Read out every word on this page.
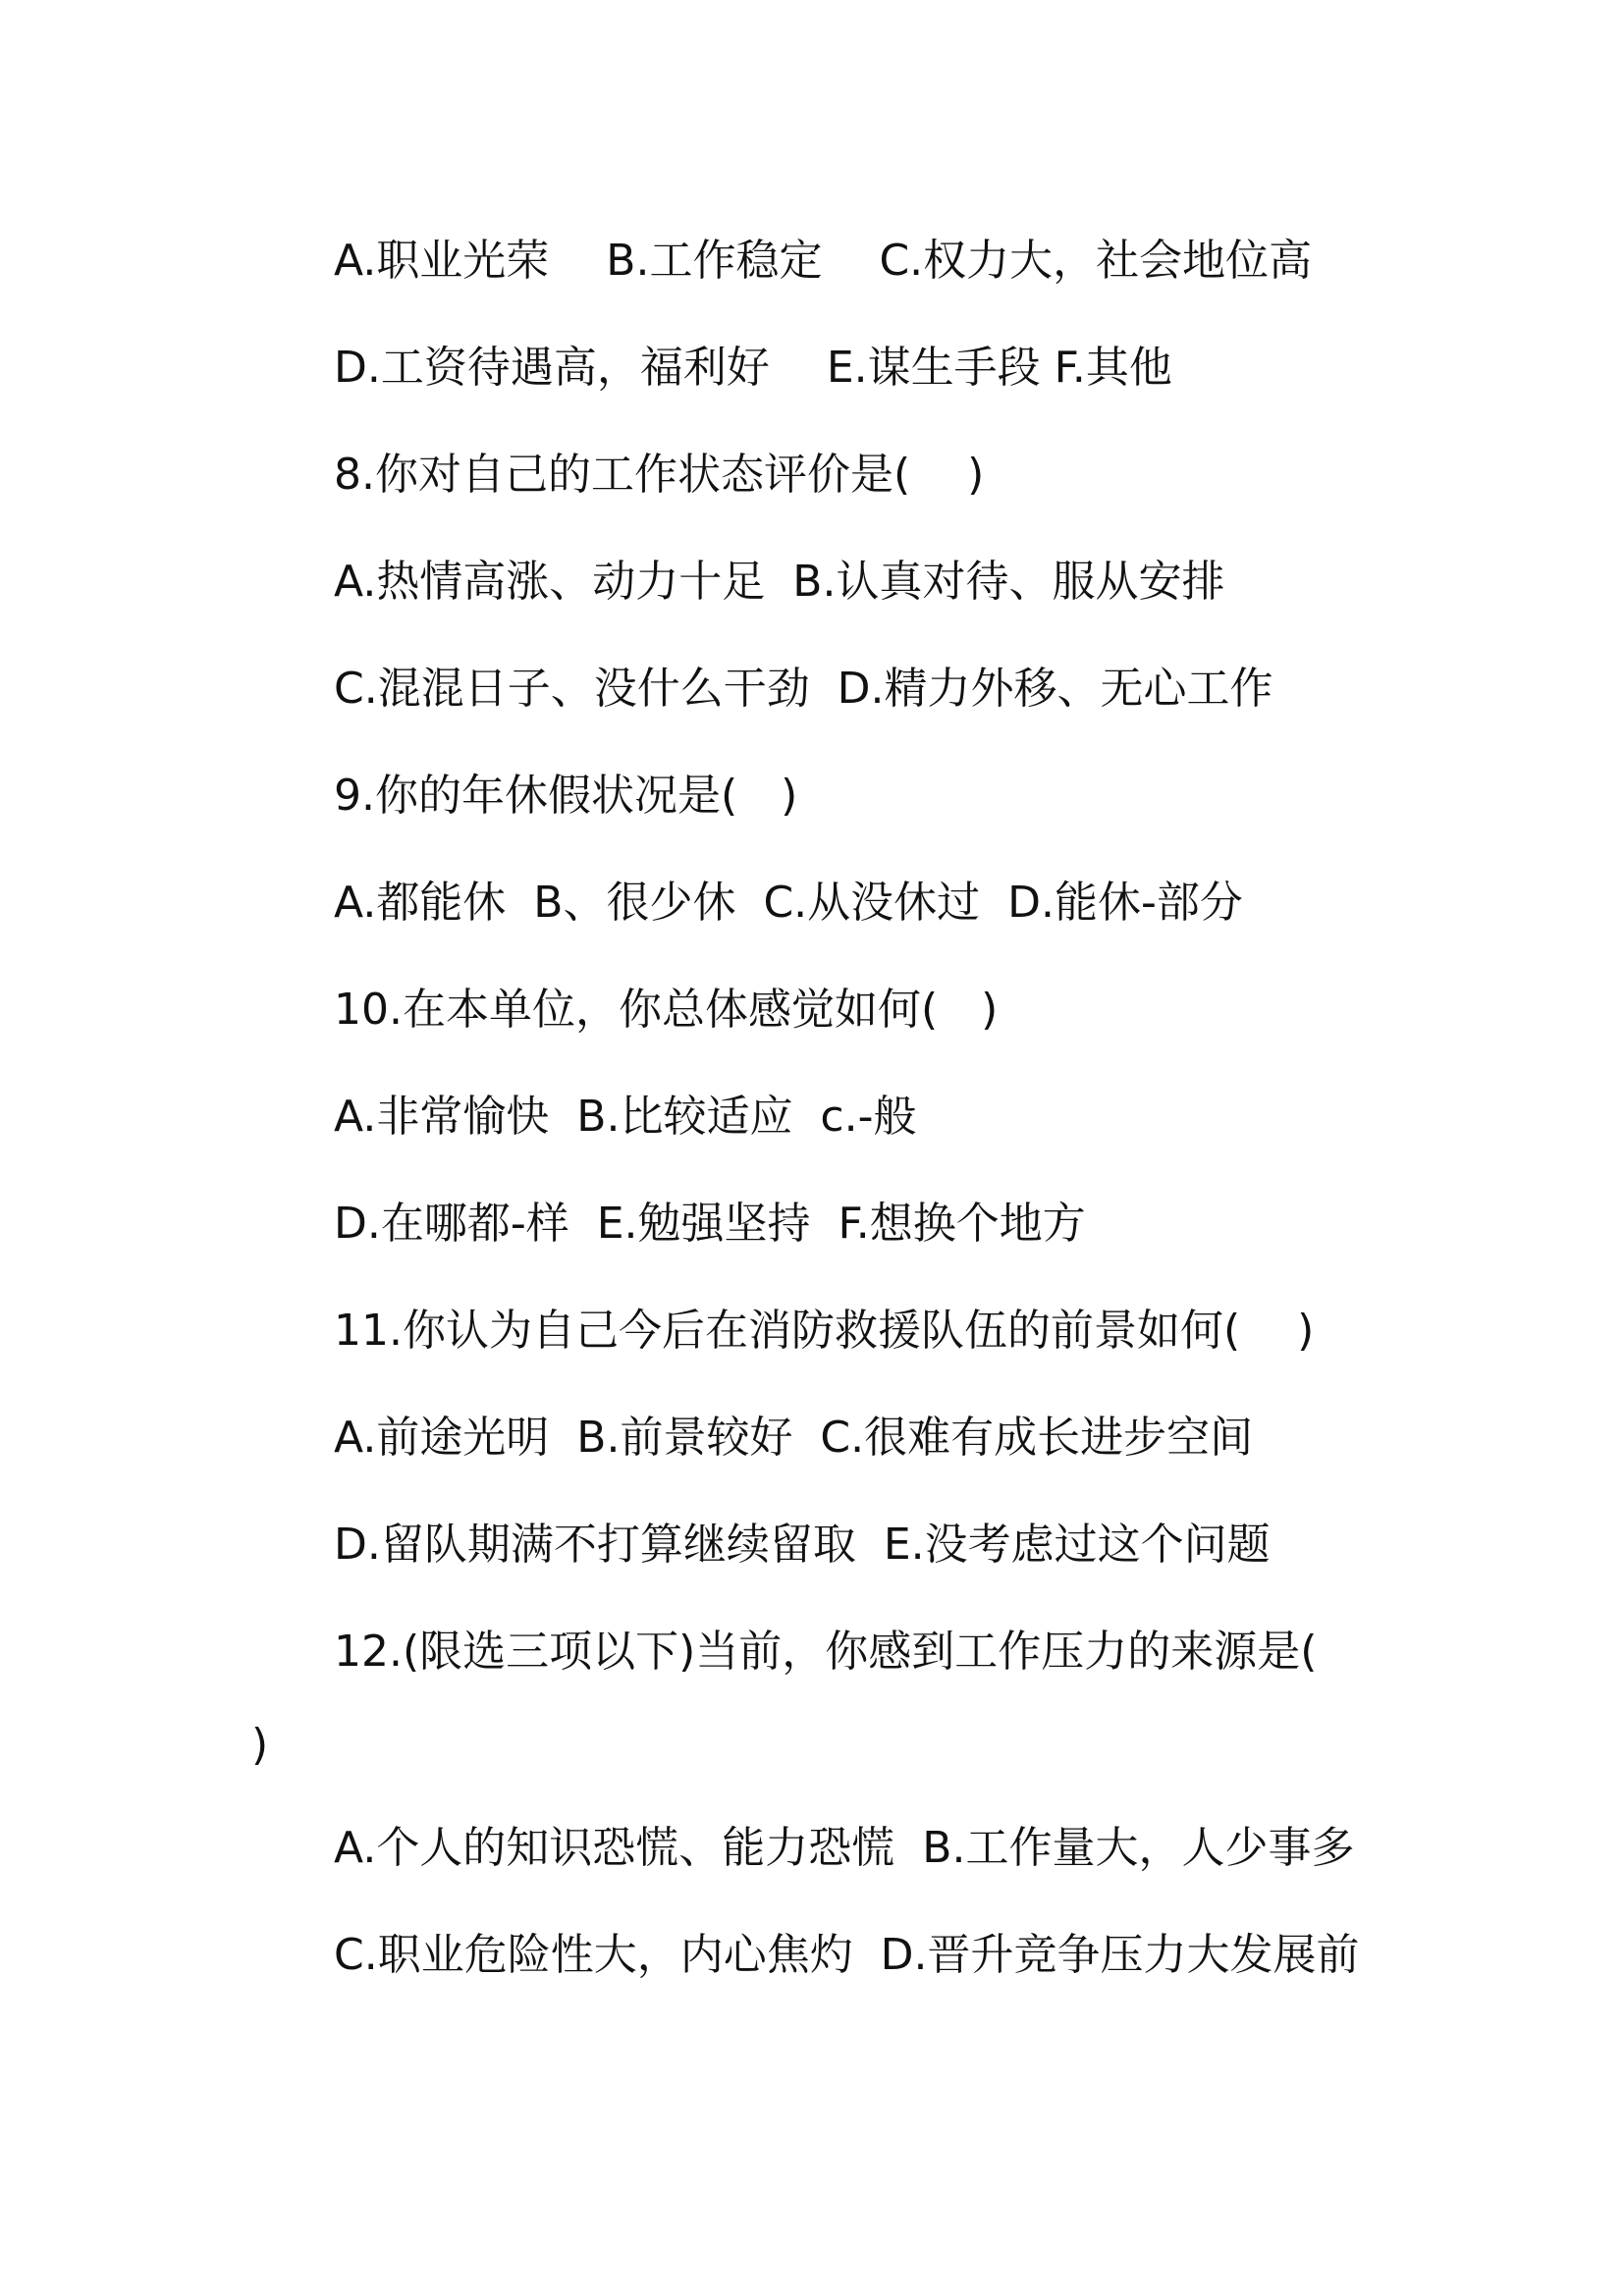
A.职业光荣　 B.工作稳定　 C.权力大，社会地位高
D.工资待遇高，福利好　 E.谋生手段 F.其他
8.你对自己的工作状态评价是(　 )
A.热情高涨、动力十足  B.认真对待、服从安排
C.混混日子、没什么干劲  D.精力外移、无心工作
9.你的年休假状况是(　)
A.都能休  B、很少休  C.从没休过  D.能休-部分
10.在本单位，你总体感觉如何(　)
A.非常愉快  B.比较适应  c.-般
D.在哪都-样  E.勉强坚持  F.想换个地方
11.你认为自己今后在消防救援队伍的前景如何(　 )
A.前途光明  B.前景较好  C.很难有成长进步空间
D.留队期满不打算继续留取  E.没考虑过这个问题
12.(限选三项以下)当前，你感到工作压力的来源是(
)
A.个人的知识恐慌、能力恐慌  B.工作量大，人少事多
C.职业危险性大，内心焦灼  D.晋升竞争压力大发展前
